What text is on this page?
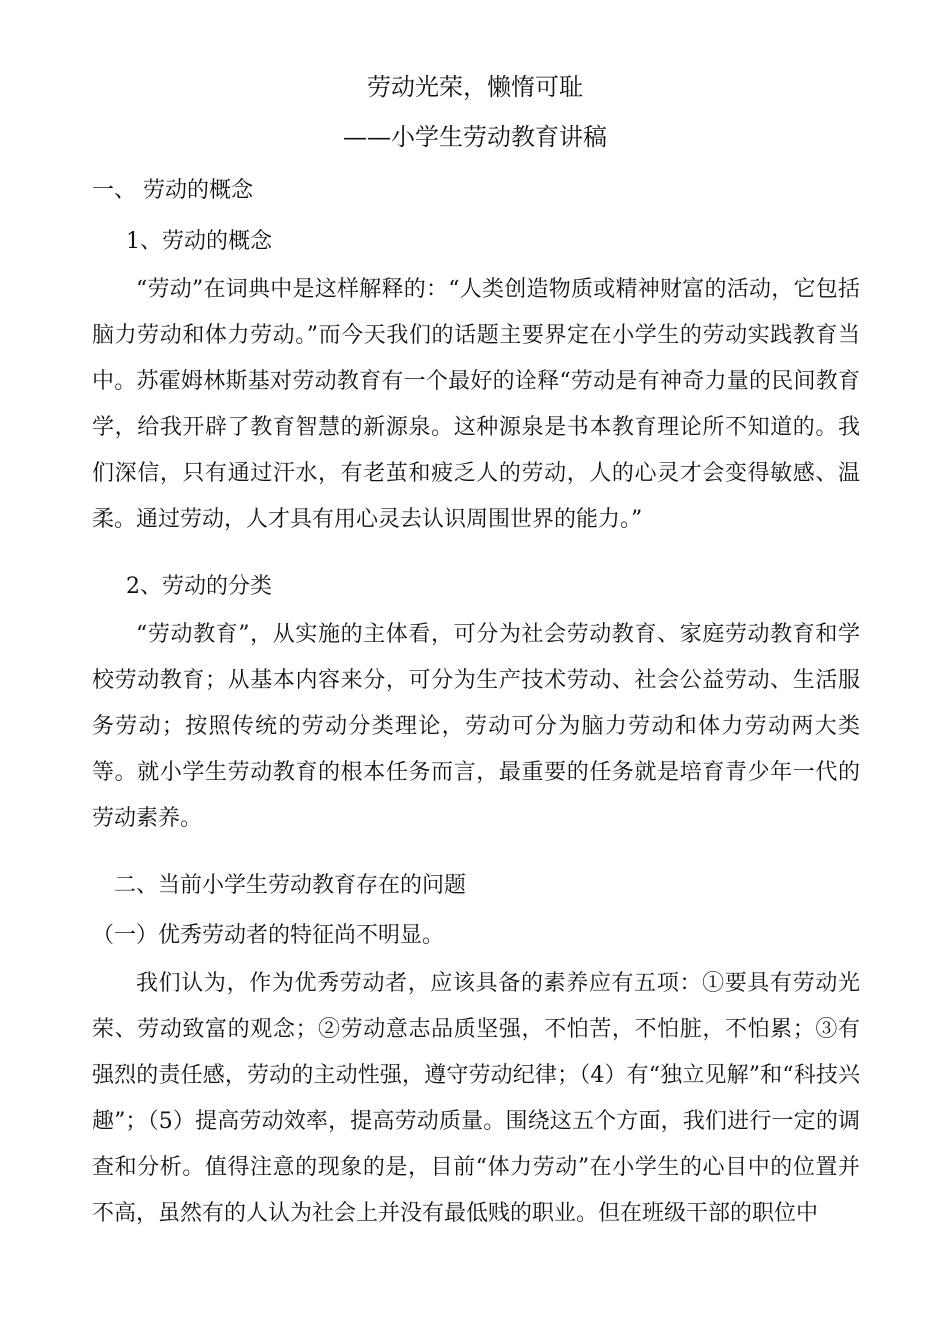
劳动光荣，懒惰可耻
——小学生劳动教育讲稿
一、 劳动的概念
1、劳动的概念
“劳动”在词典中是这样解释的：“人类创造物质或精神财富的活动，它包括脑力劳动和体力劳动。”而今天我们的话题主要界定在小学生的劳动实践教育当中。苏霍姆林斯基对劳动教育有一个最好的诠释“劳动是有神奇力量的民间教育学，给我开辟了教育智慧的新源泉。这种源泉是书本教育理论所不知道的。我们深信，只有通过汗水，有老茧和疲乏人的劳动，人的心灵才会变得敏感、温柔。通过劳动，人才具有用心灵去认识周围世界的能力。”
2、劳动的分类
“劳动教育”，从实施的主体看，可分为社会劳动教育、家庭劳动教育和学校劳动教育；从基本内容来分，可分为生产技术劳动、社会公益劳动、生活服务劳动；按照传统的劳动分类理论，劳动可分为脑力劳动和体力劳动两大类等。就小学生劳动教育的根本任务而言，最重要的任务就是培育青少年一代的劳动素养。
二、当前小学生劳动教育存在的问题
（一）优秀劳动者的特征尚不明显。
我们认为，作为优秀劳动者，应该具备的素养应有五项：①要具有劳动光荣、劳动致富的观念；②劳动意志品质坚强，不怕苦，不怕脏，不怕累；③有强烈的责任感，劳动的主动性强，遵守劳动纪律；（4）有“独立见解”和“科技兴趣”；（5）提高劳动效率，提高劳动质量。围绕这五个方面，我们进行一定的调查和分析。值得注意的现象的是，目前“体力劳动”在小学生的心目中的位置并不高，虽然有的人认为社会上并没有最低贱的职业。但在班级干部的职位中
